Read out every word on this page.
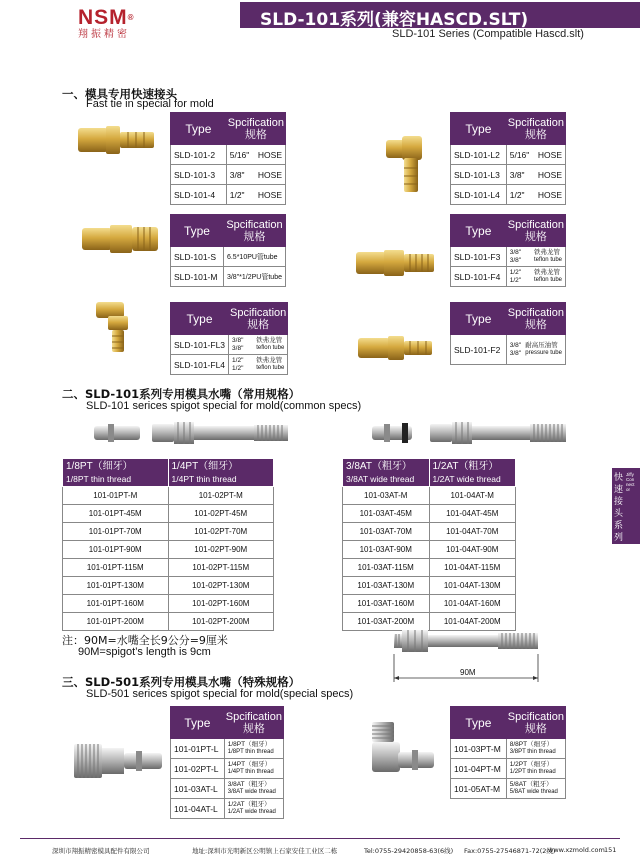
NSM®
翔振精密
SLD-101系列(兼容HASCD.SLT)
SLD-101 Series (Compatible Hascd.slt)
一、模具专用快速接头
Fast tie in special for mold
Type	Spcification
规格

SLD-101-2	5/16" HOSE

SLD-101-3	3/8" HOSE

SLD-101-4	1/2" HOSE
Type	Spcification
规格

SLD-101-L2	5/16" HOSE

SLD-101-L3	3/8" HOSE

SLD-101-L4	1/2" HOSE
Type	Spcification
规格

SLD-101-S	6.5*10PU管tube
SLD-101-M	3/8"*1/2PU管tube
Type	Spcification
规格

SLD-101-F3	3/8"
3/8"
铁弗龙管
teflon tube

SLD-101-F4	1/2"
1/2"
铁弗龙管
teflon tube
Type	Spcification
规格

SLD-101-FL3	3/8"
3/8"
铁弗龙管
teflon tube

SLD-101-FL4	1/2"
1/2"
铁弗龙管
teflon tube
Type	Spcification
规格

SLD-101-F2	3/8"
3/8"
耐高压油管
pressure tube
二、SLD-101系列专用模具水嘴（常用规格）
SLD-101 serices spigot special for mold(common specs)
1/8PT（细牙）
1/8PT thin thread	1/4PT（细牙）
1/4PT thin thread

101-01PT-M	101-02PT-M
101-01PT-45M	101-02PT-45M
101-01PT-70M	101-02PT-70M
101-01PT-90M	101-02PT-90M
101-01PT-115M	101-02PT-115M
101-01PT-130M	101-02PT-130M
101-01PT-160M	101-02PT-160M
101-01PT-200M	101-02PT-200M
3/8AT（粗牙）
3/8AT wide thread	1/2AT（粗牙）
1/2AT wide thread

101-03AT-M	101-04AT-M
101-03AT-45M	101-04AT-45M
101-03AT-70M	101-04AT-70M
101-03AT-90M	101-04AT-90M
101-03AT-115M	101-04AT-115M
101-03AT-130M	101-04AT-130M
101-03AT-160M	101-04AT-160M
101-03AT-200M	101-04AT-200M
注：90M=水嘴全长9公分=9厘米
90M=spigot’s length is 9cm
90M
三、SLD-501系列专用模具水嘴（特殊规格）
SLD-501 serices spigot special for mold(special specs)
Type	Spcification
规格

101-01PT-L	1/8PT（细牙）
1/8PT thin thread

101-02PT-L	1/4PT（细牙）
1/4PT thin thread

101-03AT-L	3/8AT（粗牙）
3/8AT wide thread

101-04AT-L	1/2AT（粗牙）
1/2AT wide thread
Type	Spcification
规格

101-03PT-M	8/8PT（细牙）
3/8PT thin thread

101-04PT-M	1/2PT（细牙）
1/2PT thin thread

101-05AT-M	5/8AT（粗牙）
5/8AT wide thread
快速接头系列
Jiffy Connector
深圳市翔振精密模具配件有限公司	地址:深圳市光明新区公明镇上石家安佳工业区二栋	Tel:0755-29420858-63(6线) Fax:0755-27546871-72(2线)
www.xzmold.com 151
